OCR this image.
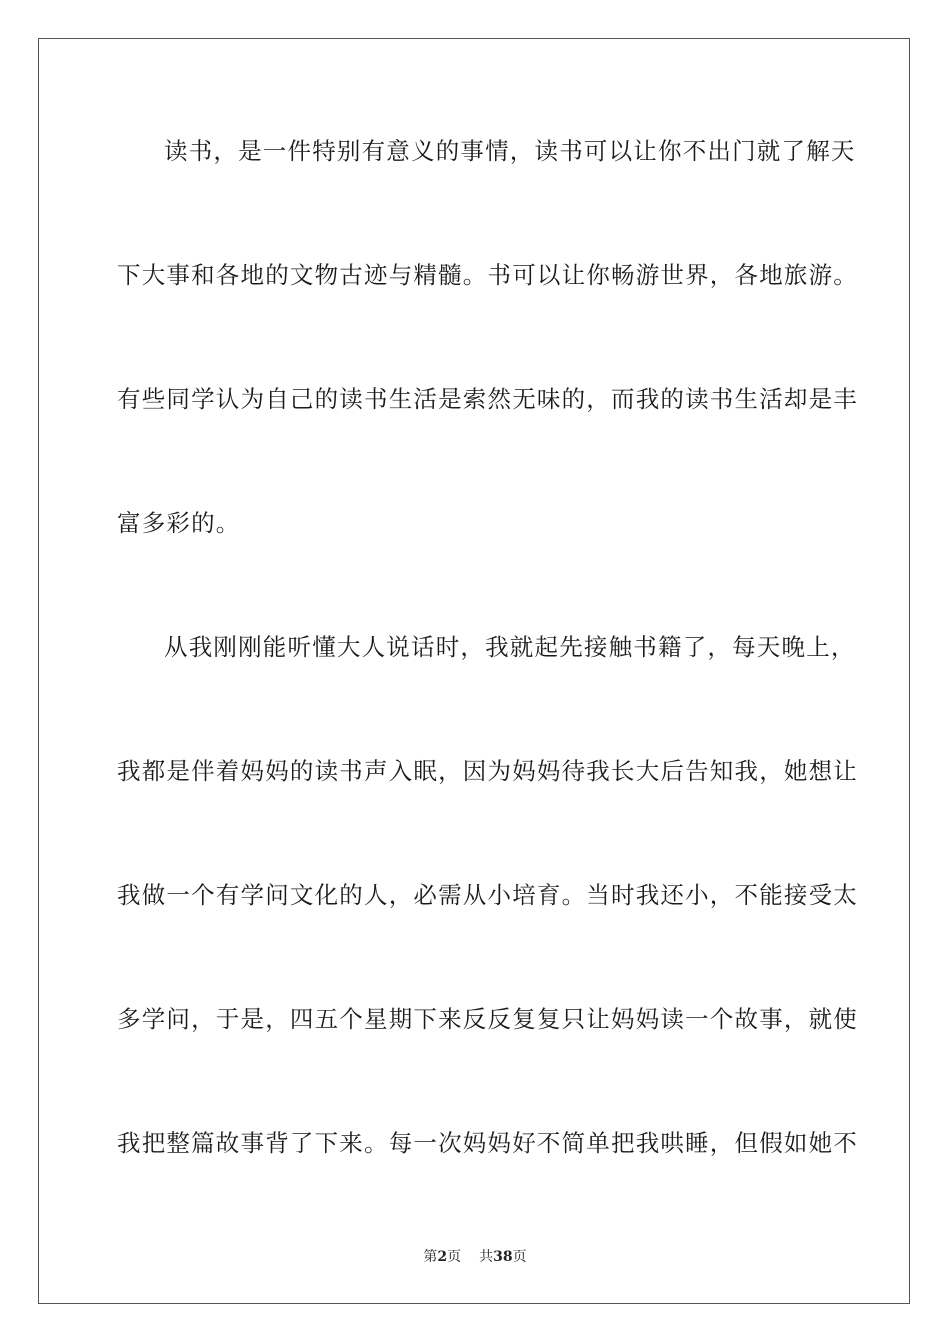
读书，是一件特别有意义的事情，读书可以让你不出门就了解天
下大事和各地的文物古迹与精髓。书可以让你畅游世界，各地旅游。
有些同学认为自己的读书生活是索然无味的，而我的读书生活却是丰
富多彩的。
从我刚刚能听懂大人说话时，我就起先接触书籍了，每天晚上，
我都是伴着妈妈的读书声入眠，因为妈妈待我长大后告知我，她想让
我做一个有学问文化的人，必需从小培育。当时我还小，不能接受太
多学问，于是，四五个星期下来反反复复只让妈妈读一个故事，就使
我把整篇故事背了下来。每一次妈妈好不简单把我哄睡，但假如她不
第2页 共38页
